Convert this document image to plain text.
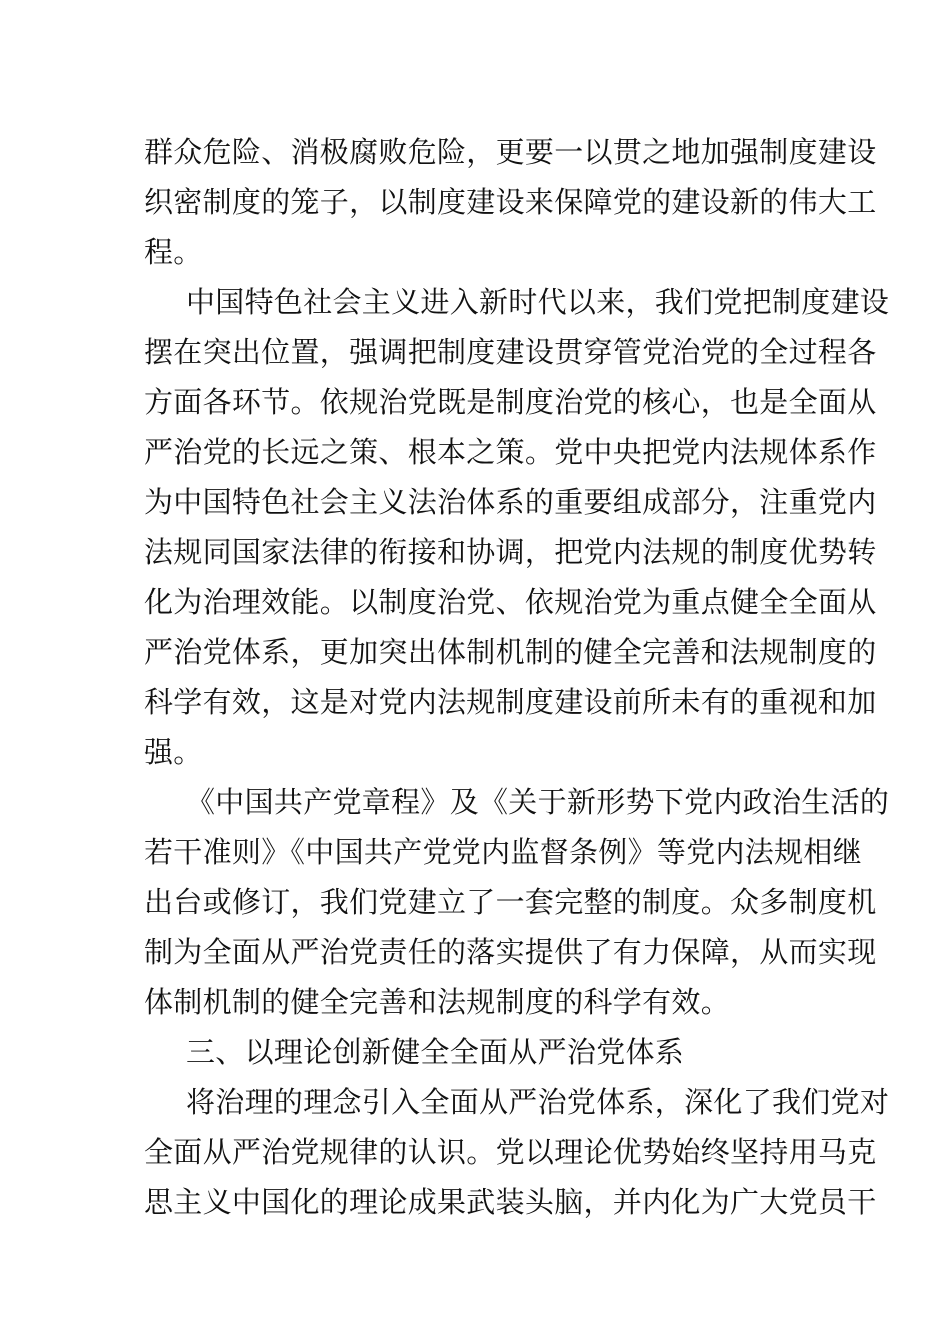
群众危险、消极腐败危险，更要一以贯之地加强制度建设
织密制度的笼子，以制度建设来保障党的建设新的伟大工
程。
中国特色社会主义进入新时代以来，我们党把制度建设
摆在突出位置，强调把制度建设贯穿管党治党的全过程各
方面各环节。依规治党既是制度治党的核心，也是全面从
严治党的长远之策、根本之策。党中央把党内法规体系作
为中国特色社会主义法治体系的重要组成部分，注重党内
法规同国家法律的衔接和协调，把党内法规的制度优势转
化为治理效能。以制度治党、依规治党为重点健全全面从
严治党体系，更加突出体制机制的健全完善和法规制度的
科学有效，这是对党内法规制度建设前所未有的重视和加
强。
《中国共产党章程》及《关于新形势下党内政治生活的
若干准则》《中国共产党党内监督条例》等党内法规相继
出台或修订，我们党建立了一套完整的制度。众多制度机
制为全面从严治党责任的落实提供了有力保障，从而实现
体制机制的健全完善和法规制度的科学有效。
三、以理论创新健全全面从严治党体系
将治理的理念引入全面从严治党体系，深化了我们党对
全面从严治党规律的认识。党以理论优势始终坚持用马克
思主义中国化的理论成果武装头脑，并内化为广大党员干
